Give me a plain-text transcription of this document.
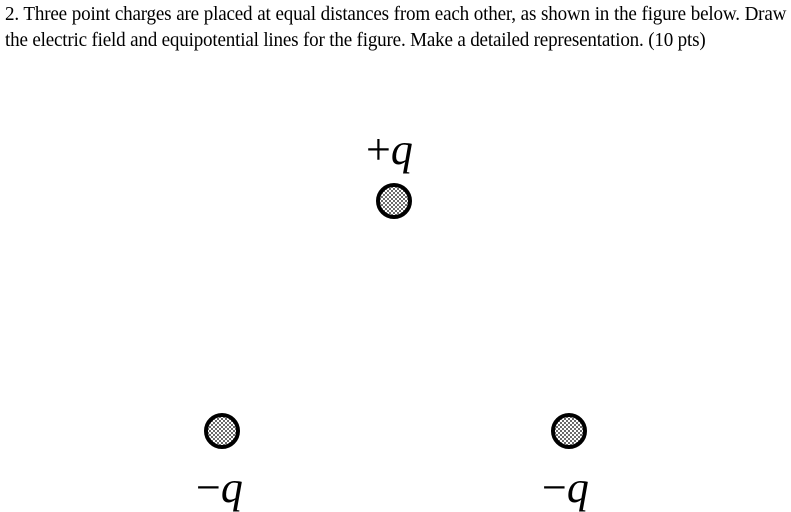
2. Three point charges are placed at equal distances from each other, as shown in the figure below. Draw the electric field and equipotential lines for the figure. Make a detailed representation. (10 pts)
+q
−q	−q
